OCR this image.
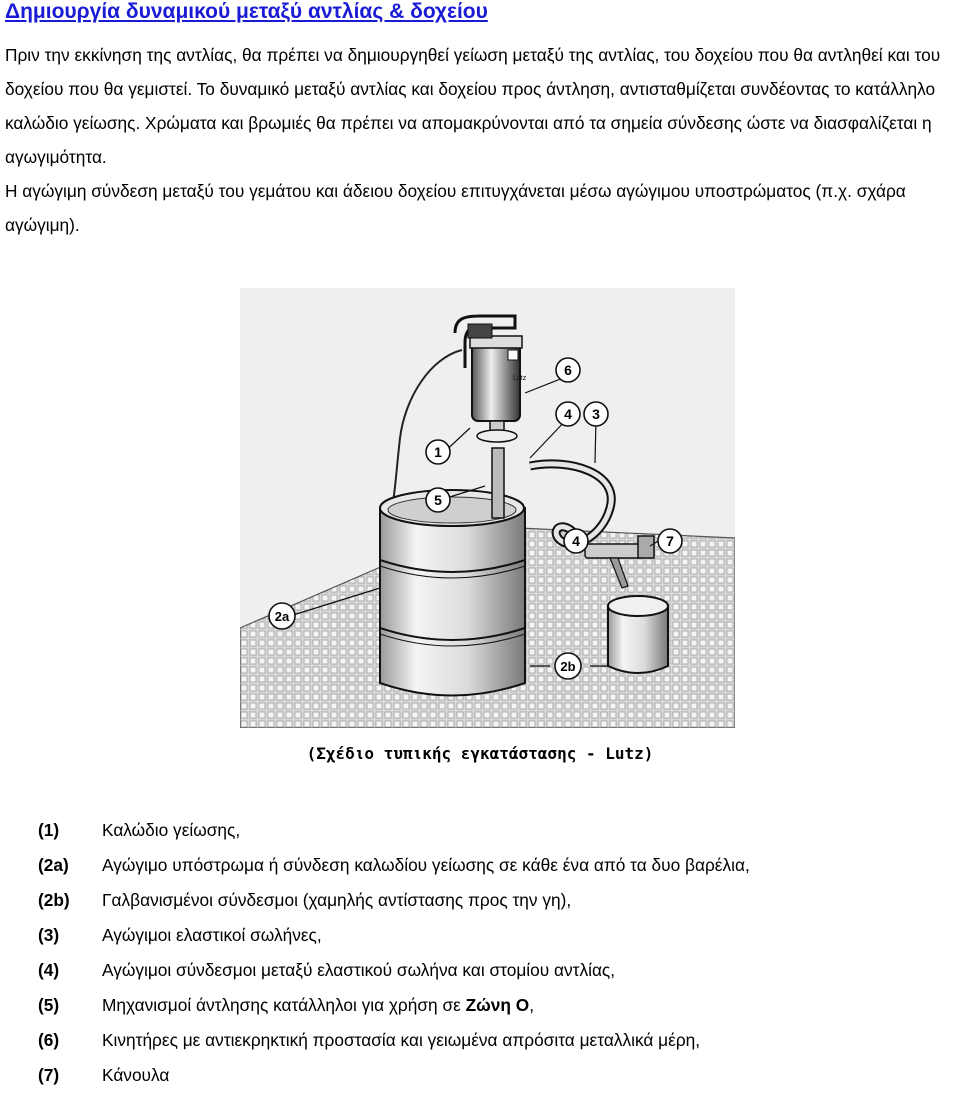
Δημιουργία δυναμικού μεταξύ αντλίας & δοχείου

Πριν την εκκίνηση της αντλίας, θα πρέπει να δημιουργηθεί γείωση μεταξύ της αντλίας, του δοχείου που θα αντληθεί και του δοχείου που θα γεμιστεί. Το δυναμικό μεταξύ αντλίας και δοχείου προς άντληση, αντισταθμίζεται συνδέοντας το κατάλληλο καλώδιο γείωσης. Χρώματα και βρωμιές θα πρέπει να απομακρύνονται από τα σημεία σύνδεσης ώστε να διασφαλίζεται η αγωγιμότητα.

Η αγώγιμη σύνδεση μεταξύ του γεμάτου και άδειου δοχείου επιτυγχάνεται μέσω αγώγιμου υποστρώματος (π.χ. σχάρα αγώγιμη).

Lutz
6
4 3
1
5
4	7
2a
2b
(Σχέδιο τυπικής εγκατάστασης - Lutz)
(1)	Καλώδιο γείωσης,
(2a)	Αγώγιμο υπόστρωμα ή σύνδεση καλωδίου γείωσης σε κάθε ένα από τα δυο βαρέλια,
(2b)	Γαλβανισμένοι σύνδεσμοι (χαμηλής αντίστασης προς την γη),
(3)	Αγώγιμοι ελαστικοί σωλήνες,
(4)	Αγώγιμοι σύνδεσμοι μεταξύ ελαστικού σωλήνα και στομίου αντλίας,
(5)	Μηχανισμοί άντλησης κατάλληλοι για χρήση σε Ζώνη Ο,
(6)	Κινητήρες με αντιεκρηκτική προστασία και γειωμένα απρόσιτα μεταλλικά μέρη,
(7)	Κάνουλα
